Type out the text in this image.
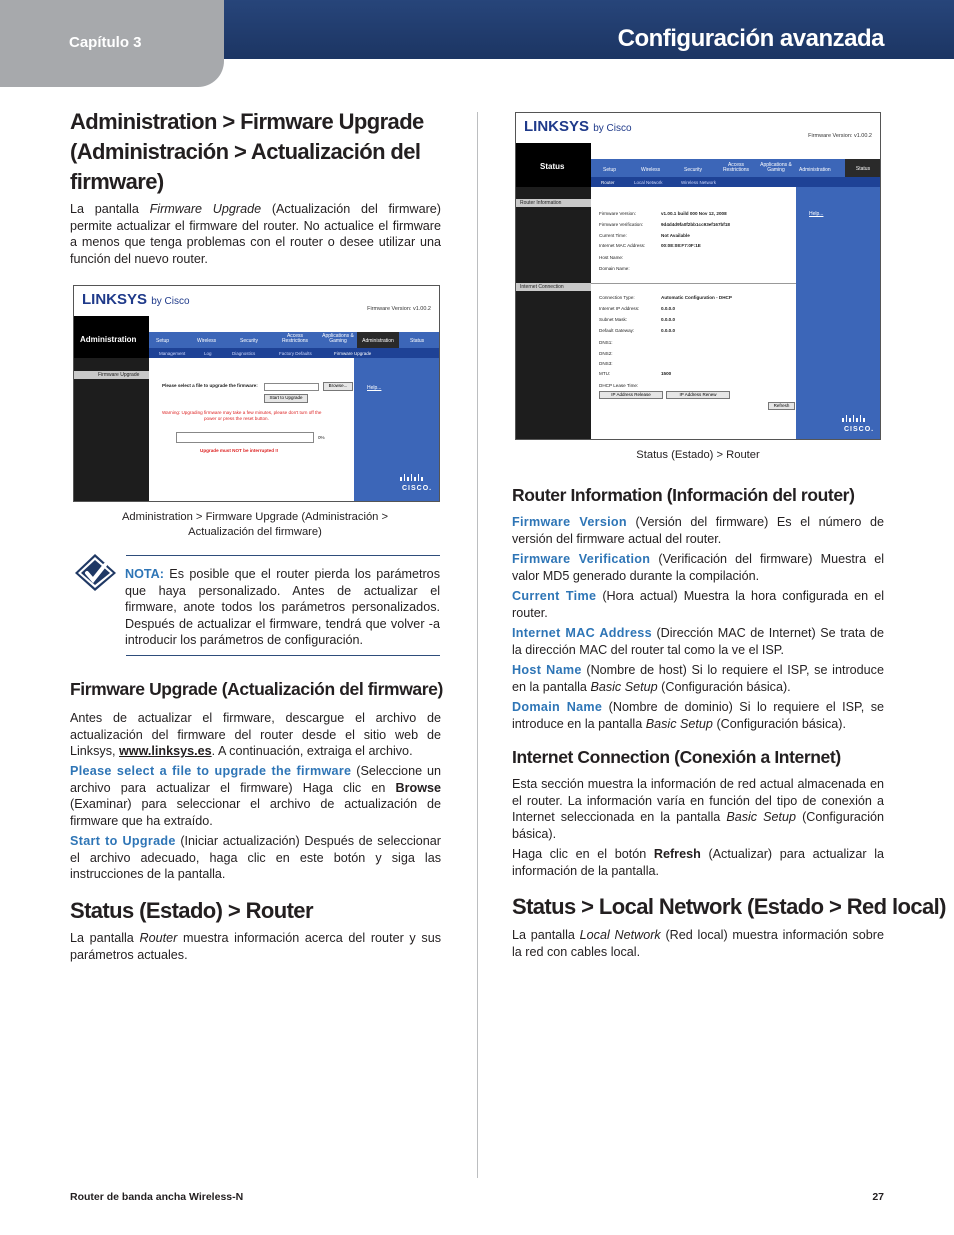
Capítulo 3	Configuración avanzada
Administration > Firmware Upgrade
(Administración > Actualización del
firmware)

La pantalla Firmware Upgrade (Actualización del firmware) permite actualizar el firmware del router. No actualice el firmware a menos que tenga problemas con el router o desee utilizar una función del nuevo router.

LINKSYS by Cisco
Firmware Version: v1.00.2
Administration	Setup	Wireless	Security
Access Restrictions
Applications & Gaming	Administration	Status
Management	Log	Diagnostics	Factory Defaults	Firmware Upgrade
Firmware Upgrade
Please select a file to upgrade the firmware:	Browse...
Start to Upgrade
Warning: Upgrading firmware may take a few minutes, please don't turn off the
power or press the reset button.
0%
Upgrade must NOT be interrupted !!
Help...
CISCO.
Administration > Firmware Upgrade (Administración > Actualización del firmware)

NOTA: Es posible que el router pierda los parámetros que haya personalizado. Antes de actualizar el firmware, anote todos los parámetros personalizados. Después de actualizar el firmware, tendrá que volver -a introducir los parámetros de configuración.

Firmware Upgrade (Actualización del firmware)

Antes de actualizar el firmware, descargue el archivo de actualización del firmware del router desde el sitio web de Linksys, www.linksys.es. A continuación, extraiga el archivo.

Please select a file to upgrade the firmware (Seleccione un archivo para actualizar el firmware) Haga clic en Browse (Examinar) para seleccionar el archivo de actualización de firmware que ha extraído.

Start to Upgrade (Iniciar actualización) Después de seleccionar el archivo adecuado, haga clic en este botón y siga las instrucciones de la pantalla.

Status (Estado) > Router

La pantalla Router muestra información acerca del router y sus parámetros actuales.

LINKSYS by Cisco
Firmware Version: v1.00.2
Status	Setup	Wireless	Security
Access Restrictions
Applications & Gaming	Administration	Status
Router	Local Network	Wireless Network
Router Information
Internet Connection
Firmware Version:	v1.00.1 build 000 Nov 12, 2008
Firmware Verification:	9d4d4d9fa0f2bb1cc93ef167bf18
Current Time:	Not Available
Internet MAC Address:	00:0E:08:F7:0F:1E
Host Name:
Domain Name:
Connection Type:	Automatic Configuration - DHCP
Internet IP Address:	0.0.0.0
Subnet Mask:	0.0.0.0
Default Gateway:	0.0.0.0
DNS1:
DNS2:
DNS3:
MTU:	1500
DHCP Lease Time:
IP Address Release	IP Address Renew
Refresh
Help...
CISCO.
Status (Estado) > Router
Router Information (Información del router)

Firmware Version (Versión del firmware) Es el número de versión del firmware actual del router.

Firmware Verification (Verificación del firmware) Muestra el valor MD5 generado durante la compilación.

Current Time (Hora actual) Muestra la hora configurada en el router.

Internet MAC Address (Dirección MAC de Internet) Se trata de la dirección MAC del router tal como la ve el ISP.

Host Name (Nombre de host) Si lo requiere el ISP, se introduce en la pantalla Basic Setup (Configuración básica).

Domain Name (Nombre de dominio) Si lo requiere el ISP, se introduce en la pantalla Basic Setup (Configuración básica).

Internet Connection (Conexión a Internet)

Esta sección muestra la información de red actual almacenada en el router. La información varía en función del tipo de conexión a Internet seleccionada en la pantalla Basic Setup (Configuración básica).

Haga clic en el botón Refresh (Actualizar) para actualizar la información de la pantalla.

Status > Local Network (Estado > Red local)

La pantalla Local Network (Red local) muestra información sobre la red con cables local.

Router de banda ancha Wireless-N	27
